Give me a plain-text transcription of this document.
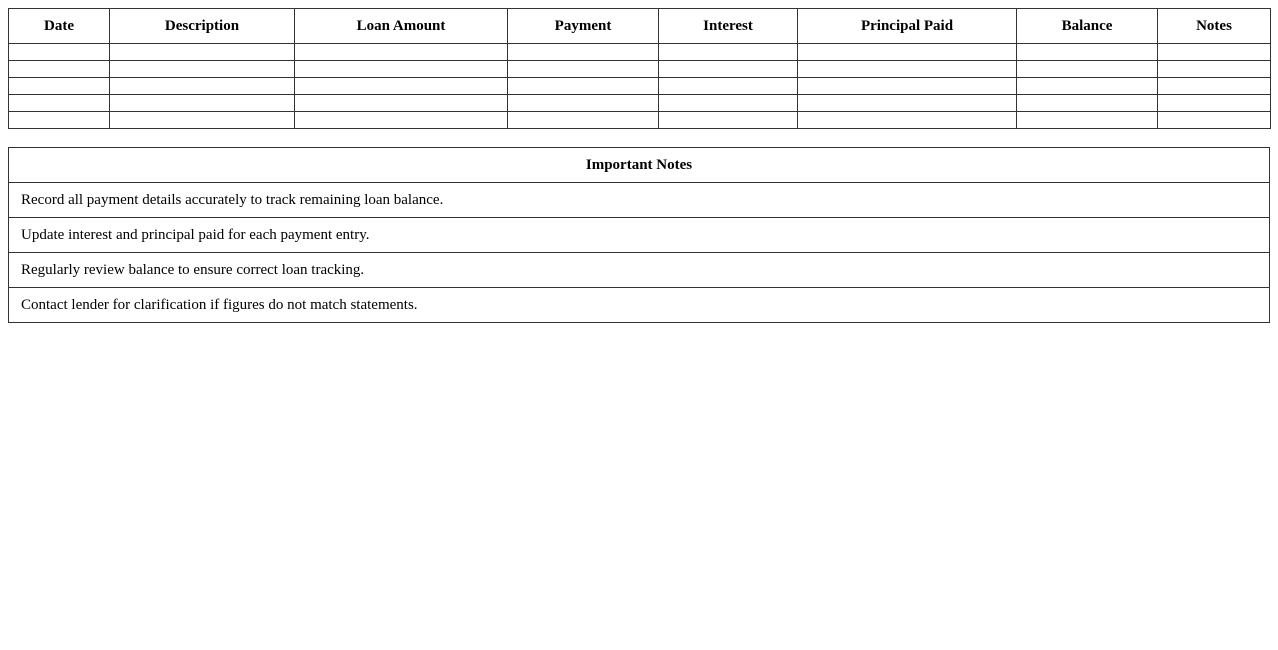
Date	Description	Loan Amount	Payment	Interest	Principal Paid	Balance	Notes

Important Notes
Record all payment details accurately to track remaining loan balance.
Update interest and principal paid for each payment entry.
Regularly review balance to ensure correct loan tracking.
Contact lender for clarification if figures do not match statements.
